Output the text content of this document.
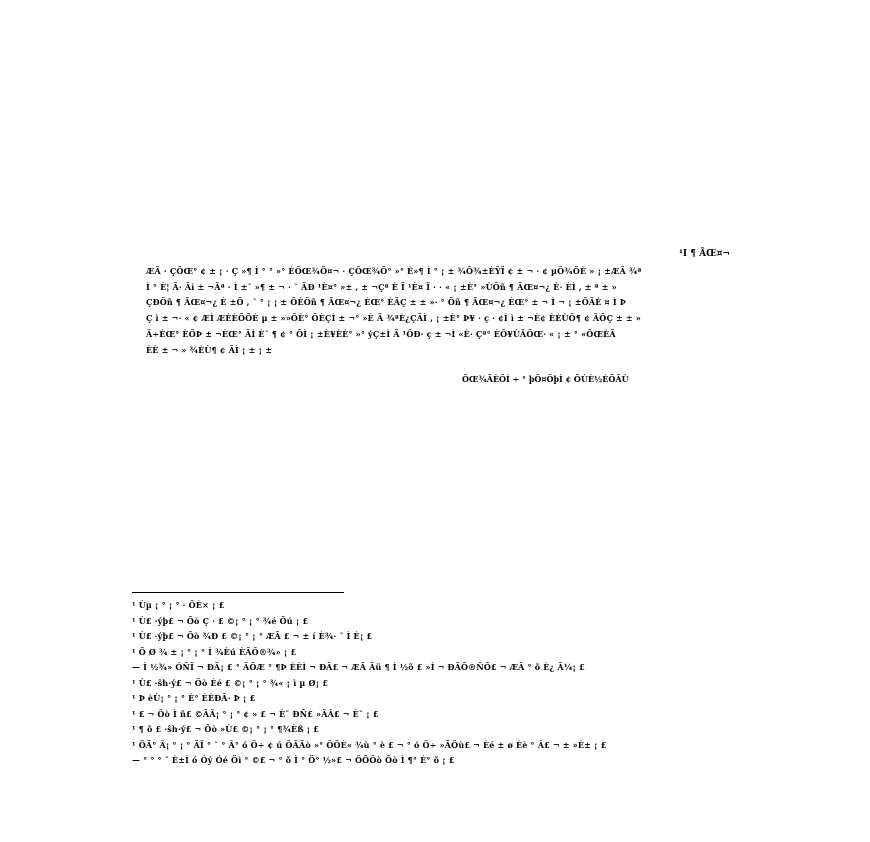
¹I ¶ ÃŒ¤¬
ÆÃ · ÇÕŒ° ¢ ± ¡ · Ç »¶ Ì ° ° »° ÈÕŒ¾Õ¤¬ · ÇÕŒ¾Õ° »° È»¶ Ì ° ¡ ± ¾Õ¾±ÈŸÏ ¢ ± ¬ · ¢ µÕ¾ÕÈ » ¡ ±ÆÃ ¾ª
Ì ° È¦ Ã· Ãì ± ¬Ãª · Ì ±¯ »¶ ± ¬ · ¯ ÃÐ ¹È¤° »± , ± ¬Çª È Ï ¹È¤ Ï · · « ¡ ±È° »ÙÕñ ¶ ÃŒ¤¬¿ È· ÈÌ , ± ª ± »
ÇÐÕñ ¶ ÃŒ¤¬¿ È ±Õ , ¯ ° ¡ ¡ ± ÕÈÕñ ¶ ÃŒ¤¬¿ ÈŒ° ÈÃÇ ± ± »· ° Õñ ¶ ÃŒ¤¬¿ ÈŒ° ± ¬ Ì ¬ ¡ ±ÕÃÈ ¤ Ì Þ
Ç ì ± ¬· « ¢ ÆÌ ÆÈÈÕÕÈ µ ± »»ÕÈ° ÕÈÇÌ ± ¬° »È Ã ¾ªÈ¿ÇÃÌ , ¡ ±È° Þ¥ · ç · ¢Ì ì ± ¬È¢ ÈÈÙÕ¶ ¢ ÃÕÇ ± ± »
Ã÷ÈŒ° ÈÕÞ ± ¬ÈŒ° ÃÌ È¯ ¶ ¢ ° ÕÌ ¡ ±È¥ÈÈ° »° ýÇ±Ì Ã ¹ÕÐ· ç ± ¬Ì «È· Çª° ÈÕ¥ÙÃÕŒ· « ¡ ± ° «ÕŒÈÃ
ÈÈ ± ¬ » ¾ÈÙ¶ ¢ ÃÌ ¡ ± ¡ ±
ÕŒ¾ÃÈÕÌ ÷ ° þÕ¤ÕþÌ ¢ ÕÙÈ½ÈÕÃÙ
¹ Ùµ ¡ ° ¡ ° · ÕÈ× ¡ £
¹ Ù£ ·ýþ£ ¬ Õò Ç · £ ©¡ ° ¡ ° ¾é Õú ¡ £
¹ Ù£ ·ýþ£ ¬ Õò ¾Ð £ ©¡ ° ¡ ° ÆÃ £ ¬ ± í È¾· ¯ Ì È¡ £
¹ Õ Ø ¾ ± ¡ ° ¡ ° Ì ¾Èú ÈÃÕ®¾» ¡ £
— Ì ½¾» ÓÑÏ ¬ ÐÄ¡ £ ° ÃÕÆ ° ¶Þ ÈÈÌ ¬ ÐÃ£ ¬ ÆÃ Ãü ¶ Ì ½õ £ »Ì ¬ ÐÃÕ®ÑÕ£ ¬ ÆÃ ° õ È¿ Ã¼¡ £
¹ Ù£ ·ŝh·ý£ ¬ Õò Èé £ ©¡ ° ¡ ° ¾« ¡ ì µ Ø¡ £
¹ Þ èÙ¡ ° ¡ ° È° ÈÈÐÃ· Þ ¡ £
¹ £ ¬ Õò Ì ñ£ ©ÃÂ¡ ° ¡ ° ¢ » £ ¬ È¯ ÐÑ£ »ÃÂ£ ¬ È¯ ¡ £
¹ ¶ õ £ ·ŝh·ý£ ¬ Õò »Ù£ ©¡ ° ¡ ° ¶¾Èß ¡ £
¹ ÕÄ° Â¡ ° ¡ ° ÃÏ ° ¯ ° Â° ó Ö÷ ¢ ú ÕÃÃò »° ÕÕÈ« ¾ù ° è £ ¬ ° ó Ö÷ »ÃÕù£ ¬ Èé ± ø Èè ° Â£ ¬ ± »È± ¡ £
— ° ° ° ¯ È±Ì ó Óý Óé Öì ° ©£ ¬ ° õ Ì ° Ö° ½»£ ¬ ÕÕÕò Õò Ì ¶° É° õ ¡ £
